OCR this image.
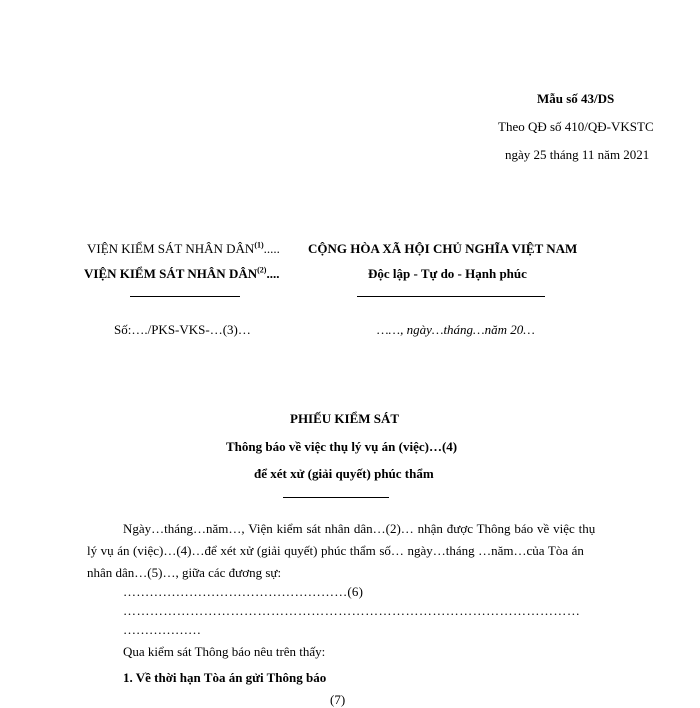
Mẫu số 43/DS
Theo QĐ số 410/QĐ-VKSTC
ngày 25 tháng 11 năm 2021
VIỆN KIỂM SÁT NHÂN DÂN$^{(1)}$.....
VIỆN KIỂM SÁT NHÂN DÂN$^{(2)}$....
Số:…./PKS-VKS-…(3)…
CỘNG HÒA XÃ HỘI CHỦ NGHĨA VIỆT NAM
Độc lập - Tự do - Hạnh phúc
……, ngày…tháng…năm 20…
PHIẾU KIỂM SÁT
Thông báo về việc thụ lý vụ án (việc)…(4)
để xét xử (giải quyết) phúc thẩm
Ngày…tháng…năm…, Viện kiểm sát nhân dân…(2)… nhận được Thông báo về việc thụ
lý vụ án (việc)…(4)…để xét xử (giải quyết) phúc thẩm số… ngày…tháng …năm…của Tòa án
nhân dân…(5)…, giữa các đương sự:
……………………………………………(6)
…………………………………………………………………………………………
………………
Qua kiểm sát Thông báo nêu trên thấy:
1. Về thời hạn Tòa án gửi Thông báo
(7)
